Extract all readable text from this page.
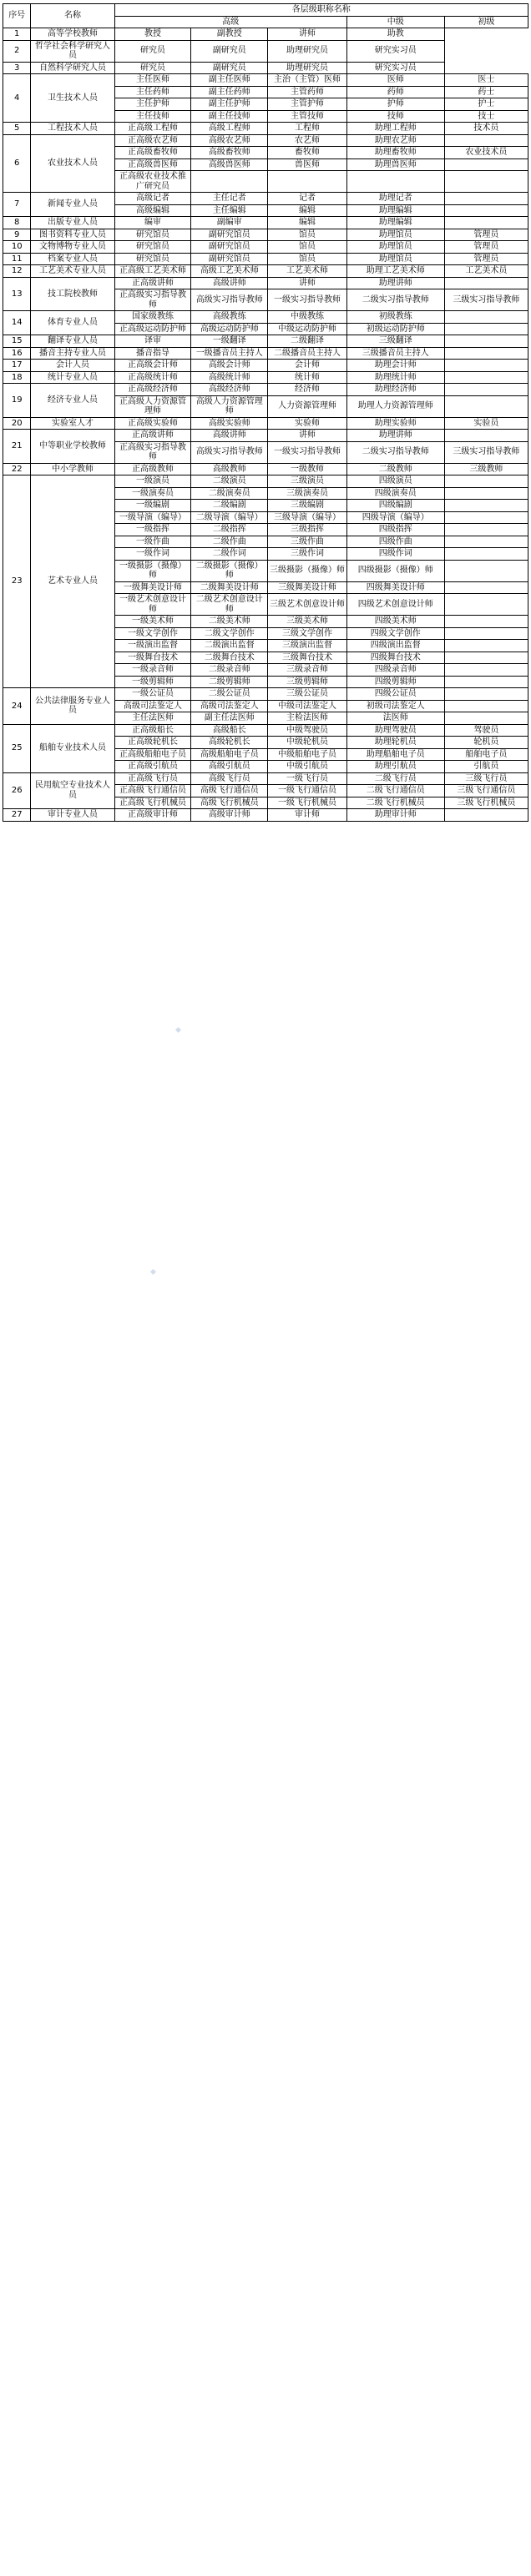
序号	名称	各层级职称名称				
		高级			中级	初级
1	高等学校教师	教授	副教授	讲师	助教	
2	哲学社会科学研究人员	研究员	副研究员	助理研究员	研究实习员	
3	自然科学研究人员	研究员	副研究员	助理研究员	研究实习员	
4	卫生技术人员	主任医师	副主任医师	主治（主管）医师	医师	医士
		主任药师	副主任药师	主管药师	药师	药士
		主任护师	副主任护师	主管护师	护师	护士
		主任技师	副主任技师	主管技师	技师	技士
5	工程技术人员	正高级工程师	高级工程师	工程师	助理工程师	技术员
6	农业技术人员	正高级农艺师	高级农艺师	农艺师	助理农艺师	
		正高级畜牧师	高级畜牧师	畜牧师	助理畜牧师	农业技术员
		正高级兽医师	高级兽医师	兽医师	助理兽医师	
		正高级农业技术推广研究员				
7	新闻专业人员	高级记者	主任记者	记者	助理记者	
		高级编辑	主任编辑	编辑	助理编辑	
8	出版专业人员	编审	副编审	编辑	助理编辑	
9	图书资料专业人员	研究馆员	副研究馆员	馆员	助理馆员	管理员
10	文物博物专业人员	研究馆员	副研究馆员	馆员	助理馆员	管理员
11	档案专业人员	研究馆员	副研究馆员	馆员	助理馆员	管理员
12	工艺美术专业人员	正高级工艺美术师	高级工艺美术师	工艺美术师	助理工艺美术师	工艺美术员
13	技工院校教师	正高级讲师	高级讲师	讲师	助理讲师	
		正高级实习指导教师	高级实习指导教师	一级实习指导教师	二级实习指导教师	三级实习指导教师
14	体育专业人员	国家级教练	高级教练	中级教练	初级教练	
		正高级运动防护师	高级运动防护师	中级运动防护师	初级运动防护师	
15	翻译专业人员	译审	一级翻译	二级翻译	三级翻译	
16	播音主持专业人员	播音指导	一级播音员主持人	二级播音员主持人	三级播音员主持人	
17	会计人员	正高级会计师	高级会计师	会计师	助理会计师	
18	统计专业人员	正高级统计师	高级统计师	统计师	助理统计师	
19	经济专业人员	正高级经济师	高级经济师	经济师	助理经济师	
		正高级人力资源管理师	高级人力资源管理师	人力资源管理师	助理人力资源管理师	
20	实验室人才	正高级实验师	高级实验师	实验师	助理实验师	实验员
21	中等职业学校教师	正高级讲师	高级讲师	讲师	助理讲师	
		正高级实习指导教师	高级实习指导教师	一级实习指导教师	二级实习指导教师	三级实习指导教师
22	中小学教师	正高级教师	高级教师	一级教师	二级教师	三级教师
23	艺术专业人员	一级演员	二级演员	三级演员	四级演员	
		一级演奏员	二级演奏员	三级演奏员	四级演奏员	
		一级编剧	二级编剧	三级编剧	四级编剧	
		一级导演（编导）	二级导演（编导）	三级导演（编导）	四级导演（编导）	
		一级指挥	二级指挥	三级指挥	四级指挥	
		一级作曲	二级作曲	三级作曲	四级作曲	
		一级作词	二级作词	三级作词	四级作词	
		一级摄影（摄像）师	二级摄影（摄像）师	三级摄影（摄像）师	四级摄影（摄像）师	
		一级舞美设计师	二级舞美设计师	三级舞美设计师	四级舞美设计师	
		一级艺术创意设计师	二级艺术创意设计师	三级艺术创意设计师	四级艺术创意设计师	
		一级美术师	二级美术师	三级美术师	四级美术师	
		一级文学创作	二级文学创作	三级文学创作	四级文学创作	
		一级演出监督	二级演出监督	三级演出监督	四级演出监督	
		一级舞台技术	二级舞台技术	三级舞台技术	四级舞台技术	
		一级录音师	二级录音师	三级录音师	四级录音师	
		一级剪辑师	二级剪辑师	三级剪辑师	四级剪辑师	
24	公共法律服务专业人员	一级公证员	二级公证员	三级公证员	四级公证员	
		高级司法鉴定人	高级司法鉴定人	中级司法鉴定人	初级司法鉴定人	
		主任法医师	副主任法医师	主检法医师	法医师	
25	船舶专业技术人员	正高级船长	高级船长	中级驾驶员	助理驾驶员	驾驶员
		正高级轮机长	高级轮机长	中级轮机员	助理轮机员	轮机员
		正高级船舶电子员	高级船舶电子员	中级船舶电子员	助理船舶电子员	船舶电子员
		正高级引航员	高级引航员	中级引航员	助理引航员	引航员
26	民用航空专业技术人员	正高级飞行员	高级飞行员	一级飞行员	二级飞行员	三级飞行员
		正高级飞行通信员	高级飞行通信员	一级飞行通信员	二级飞行通信员	三级飞行通信员
		正高级飞行机械员	高级飞行机械员	一级飞行机械员	二级飞行机械员	三级飞行机械员
27	审计专业人员	正高级审计师	高级审计师	审计师	助理审计师	
◆
◆
